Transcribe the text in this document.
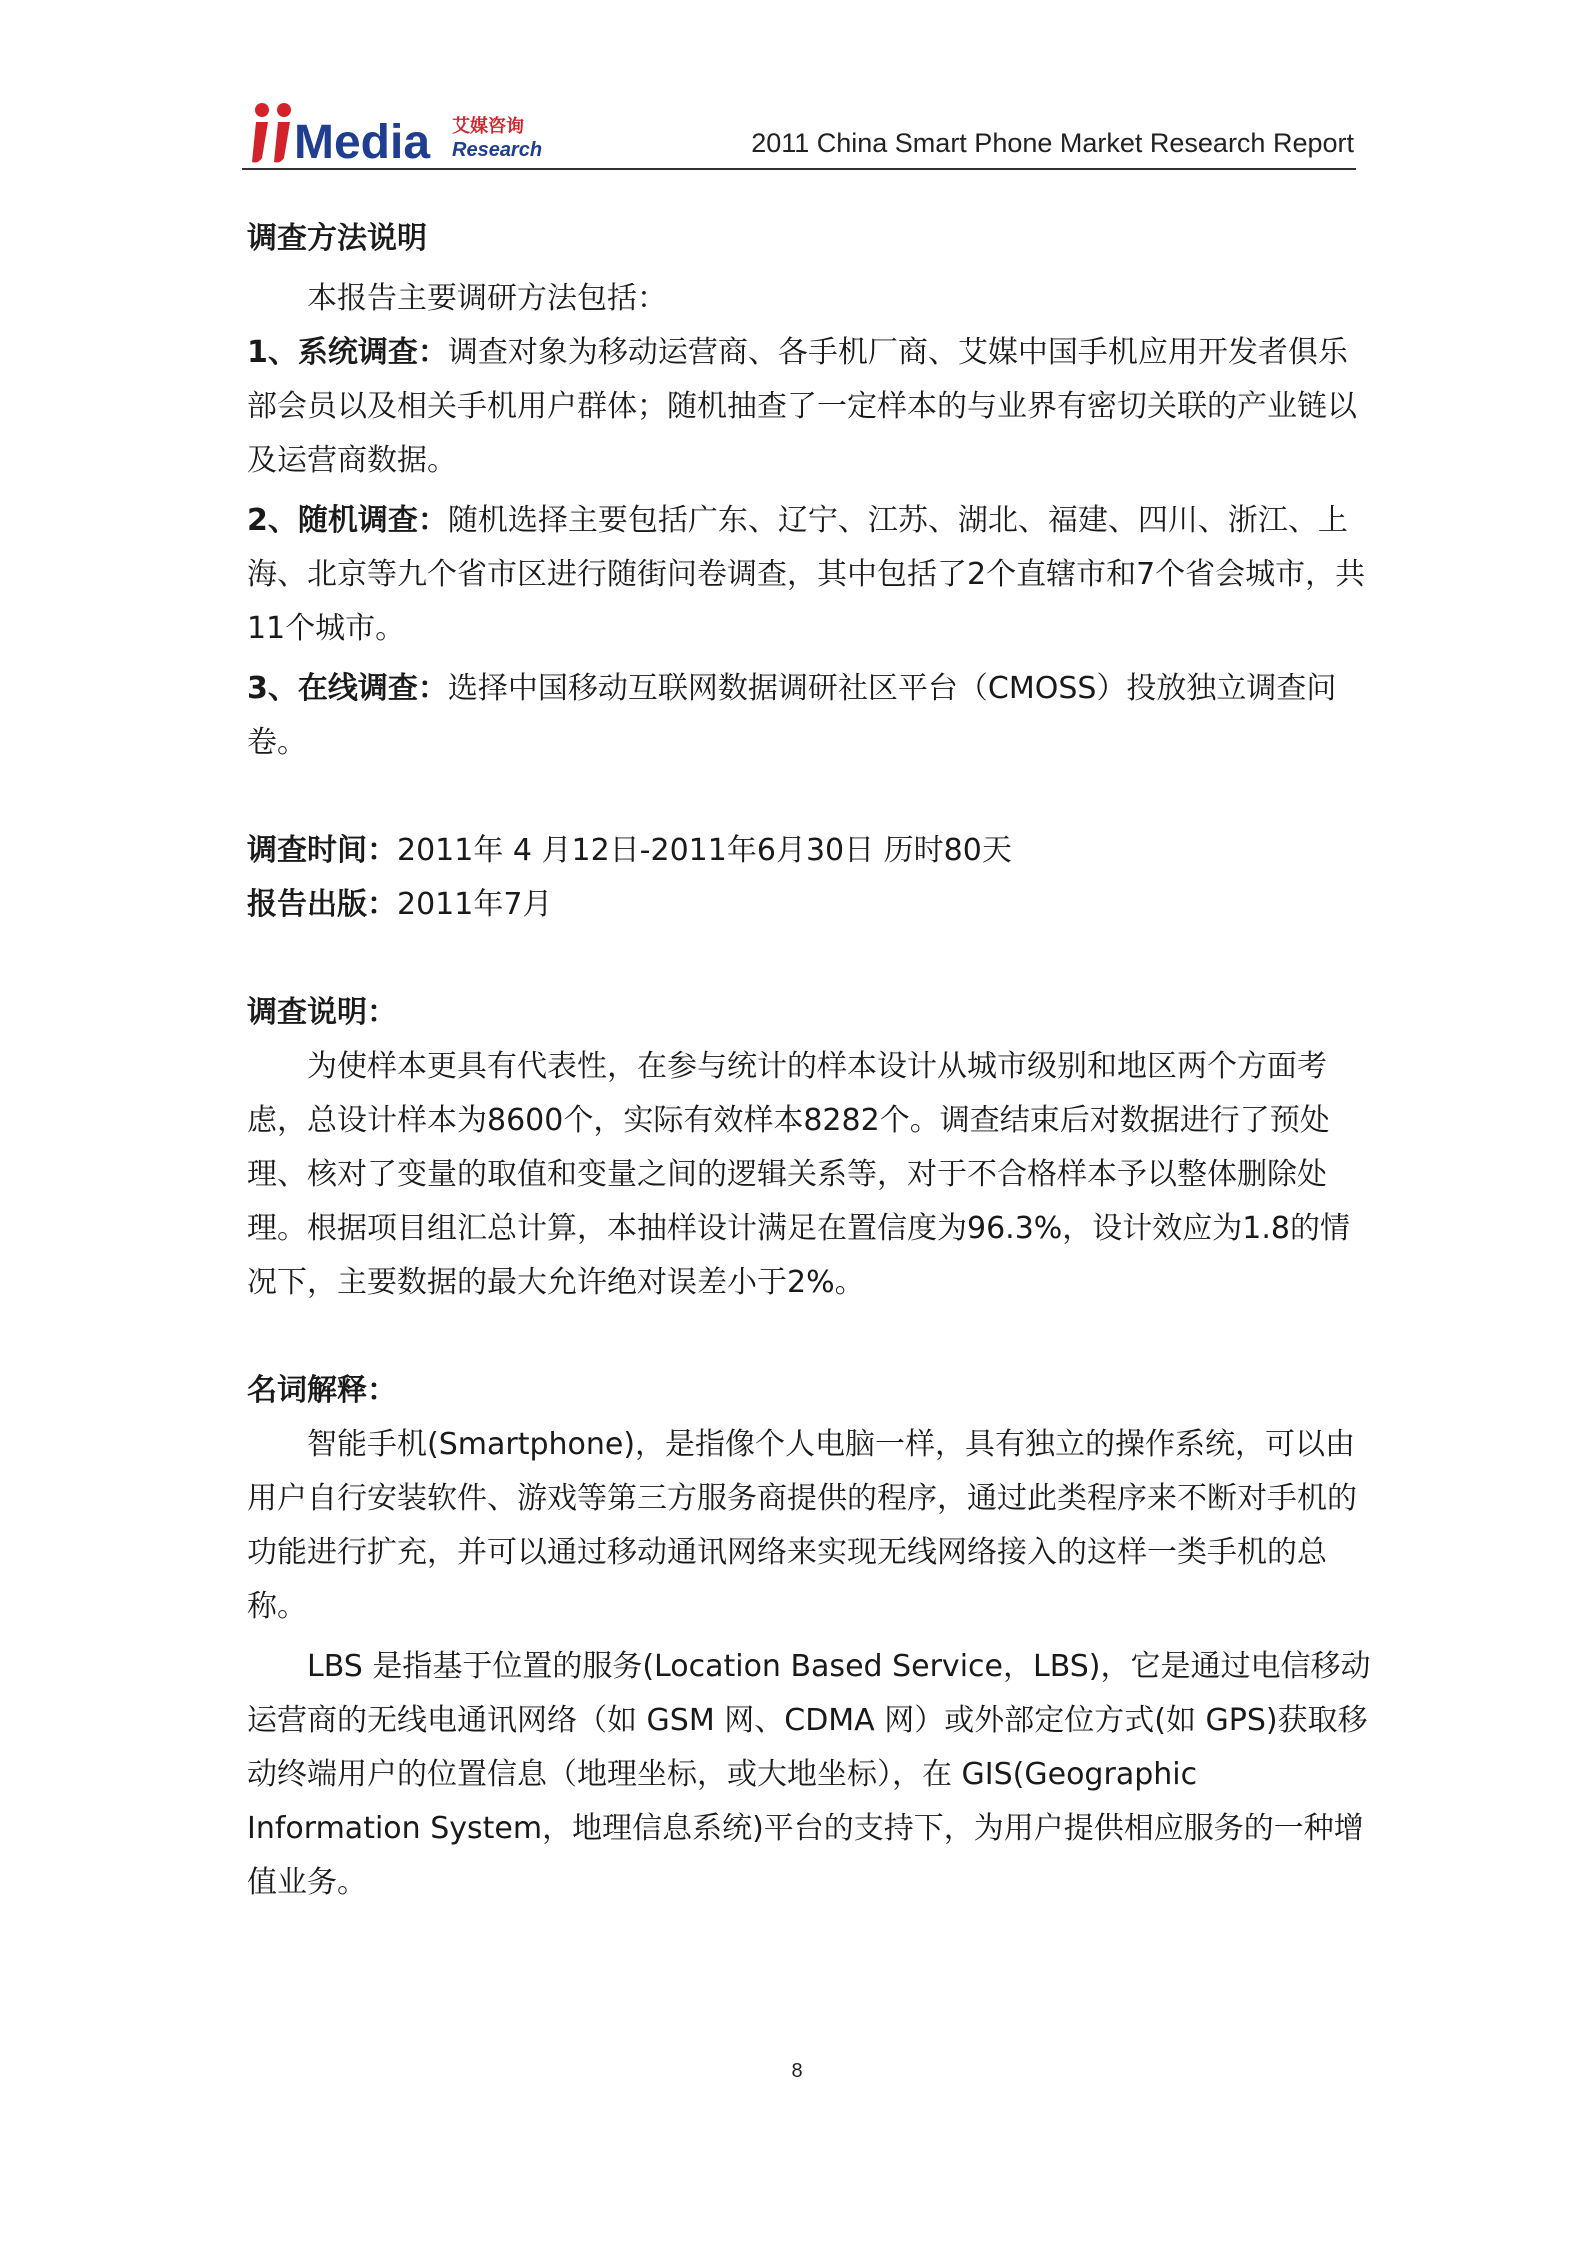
Media 艾媒咨询
Research	2011 China Smart Phone Market Research Report

调查方法说明

本报告主要调研方法包括：

1、系统调查：调查对象为移动运营商、各手机厂商、艾媒中国手机应用开发者俱乐部会员以及相关手机用户群体；随机抽查了一定样本的与业界有密切关联的产业链以及运营商数据。

2、随机调查：随机选择主要包括广东、辽宁、江苏、湖北、福建、四川、浙江、上海、北京等九个省市区进行随街问卷调查，其中包括了2个直辖市和7个省会城市，共11个城市。

3、在线调查：选择中国移动互联网数据调研社区平台（CMOSS）投放独立调查问卷。

调查时间：2011年 4 月12日-2011年6月30日 历时80天

报告出版：2011年7月

调查说明：

为使样本更具有代表性，在参与统计的样本设计从城市级别和地区两个方面考虑，总设计样本为8600个，实际有效样本8282个。调查结束后对数据进行了预处理、核对了变量的取值和变量之间的逻辑关系等，对于不合格样本予以整体删除处理。根据项目组汇总计算，本抽样设计满足在置信度为96.3%，设计效应为1.8的情况下，主要数据的最大允许绝对误差小于2%。

名词解释：

智能手机(Smartphone)，是指像个人电脑一样，具有独立的操作系统，可以由用户自行安装软件、游戏等第三方服务商提供的程序，通过此类程序来不断对手机的功能进行扩充，并可以通过移动通讯网络来实现无线网络接入的这样一类手机的总称。

LBS 是指基于位置的服务(Location Based Service，LBS)，它是通过电信移动运营商的无线电通讯网络（如 GSM 网、CDMA 网）或外部定位方式(如 GPS)获取移动终端用户的位置信息（地理坐标，或大地坐标），在 GIS(Geographic Information System，地理信息系统)平台的支持下，为用户提供相应服务的一种增值业务。

8
